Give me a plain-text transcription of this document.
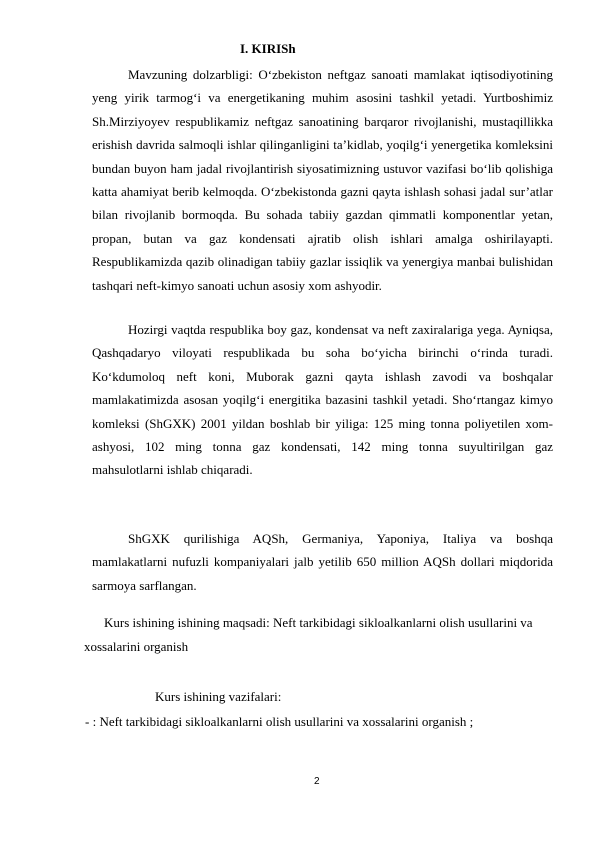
I. KIRISh

Mavzuning dolzarbligi: O‘zbekiston neftgaz sanoati mamlakat iqtisodiyotining yeng yirik tarmog‘i va energetikaning muhim asosini tashkil yetadi. Yurtboshimiz Sh.Mirziyoyev respublikamiz neftgaz sanoatining barqaror rivojlanishi, mustaqillikka erishish davrida salmoqli ishlar qilinganligini ta’kidlab, yoqilg‘i yenergetika komleksini bundan buyon ham jadal rivojlantirish siyosatimizning ustuvor vazifasi bo‘lib qolishiga katta ahamiyat berib kelmoqda. O‘zbekistonda gazni qayta ishlash sohasi jadal sur’atlar bilan rivojlanib bormoqda. Bu sohada tabiiy gazdan qimmatli komponentlar yetan, propan, butan va gaz kondensati ajratib olish ishlari amalga oshirilayapti. Respublikamizda qazib olinadigan tabiiy gazlar issiqlik va yenergiya manbai bulishidan tashqari neft-kimyo sanoati uchun asosiy xom ashyodir.

Hozirgi vaqtda respublika boy gaz, kondensat va neft zaxiralariga yega. Ayniqsa, Qashqadaryo viloyati respublikada bu soha bo‘yicha birinchi o‘rinda turadi. Ko‘kdumoloq neft koni, Muborak gazni qayta ishlash zavodi va boshqalar mamlakatimizda asosan yoqilg‘i energitika bazasini tashkil yetadi. Sho‘rtangaz kimyo komleksi (ShGXK) 2001 yildan boshlab bir yiliga: 125 ming tonna poliyetilen xom-ashyosi, 102 ming tonna gaz kondensati, 142 ming tonna suyultirilgan gaz mahsulotlarni ishlab chiqaradi.

ShGXK qurilishiga AQSh, Germaniya, Yaponiya, Italiya va boshqa mamlakatlarni nufuzli kompaniyalari jalb yetilib 650 million AQSh dollari miqdorida sarmoya sarflangan.

Kurs ishining ishining maqsadi: Neft tarkibidagi sikloalkanlarni olish usullarini va xossalarini organish

Kurs ishining vazifalari:
- : Neft tarkibidagi sikloalkanlarni olish usullarini va xossalarini organish ;
2
